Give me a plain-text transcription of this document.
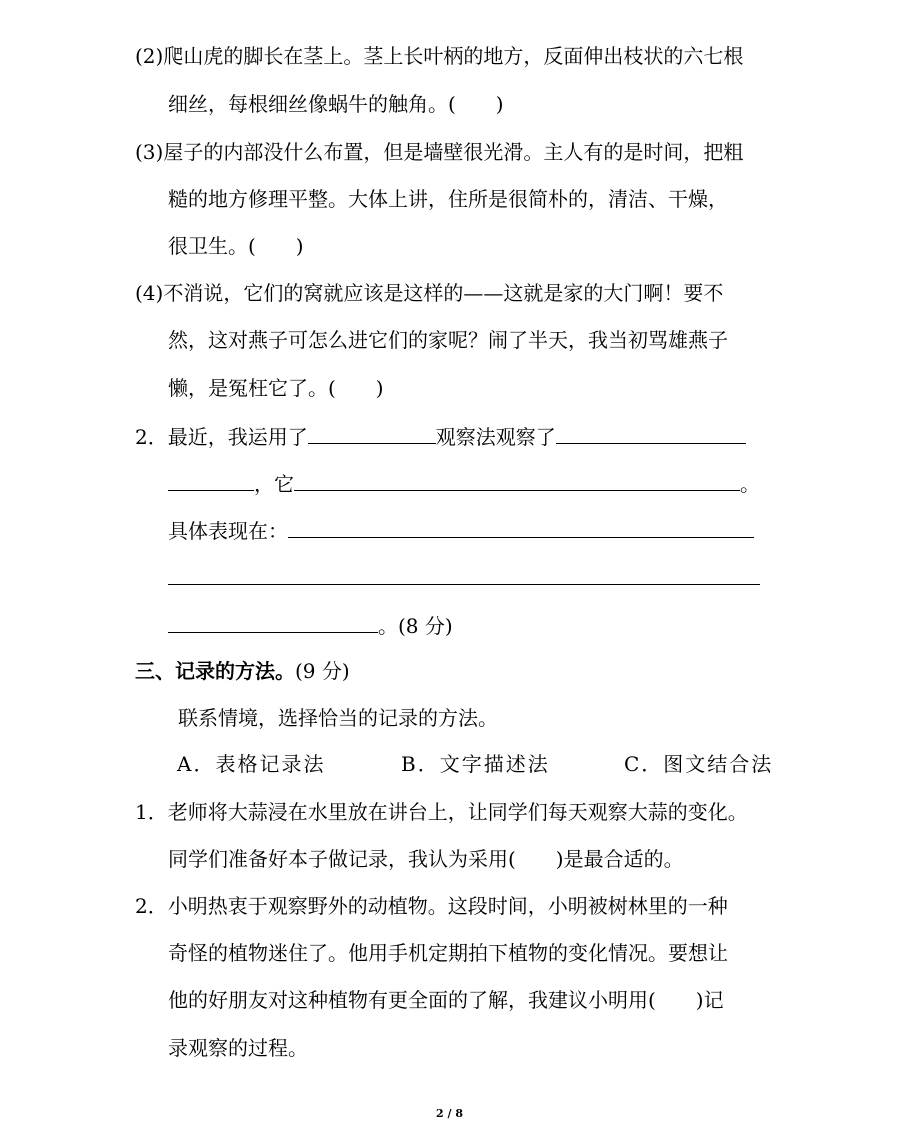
(2)爬山虎的脚长在茎上。茎上长叶柄的地方，反面伸出枝状的六七根
细丝，每根细丝像蜗牛的触角。(　　)
(3)屋子的内部没什么布置，但是墙壁很光滑。主人有的是时间，把粗
糙的地方修理平整。大体上讲，住所是很简朴的，清洁、干燥，
很卫生。(　　)
(4)不消说，它们的窝就应该是这样的——这就是家的大门啊！要不
然，这对燕子可怎么进它们的家呢？闹了半天，我当初骂雄燕子
懒，是冤枉它了。(　　)
2．最近，我运用了	观察法观察了
，它	。
具体表现在：
。(8 分)
三、记录的方法。(9 分)
联系情境，选择恰当的记录的方法。
A．表格记录法	B．文字描述法	C．图文结合法
1．老师将大蒜浸在水里放在讲台上，让同学们每天观察大蒜的变化。
同学们准备好本子做记录，我认为采用(　　)是最合适的。
2．小明热衷于观察野外的动植物。这段时间，小明被树林里的一种
奇怪的植物迷住了。他用手机定期拍下植物的变化情况。要想让
他的好朋友对这种植物有更全面的了解，我建议小明用(　　)记
录观察的过程。
2 / 8
